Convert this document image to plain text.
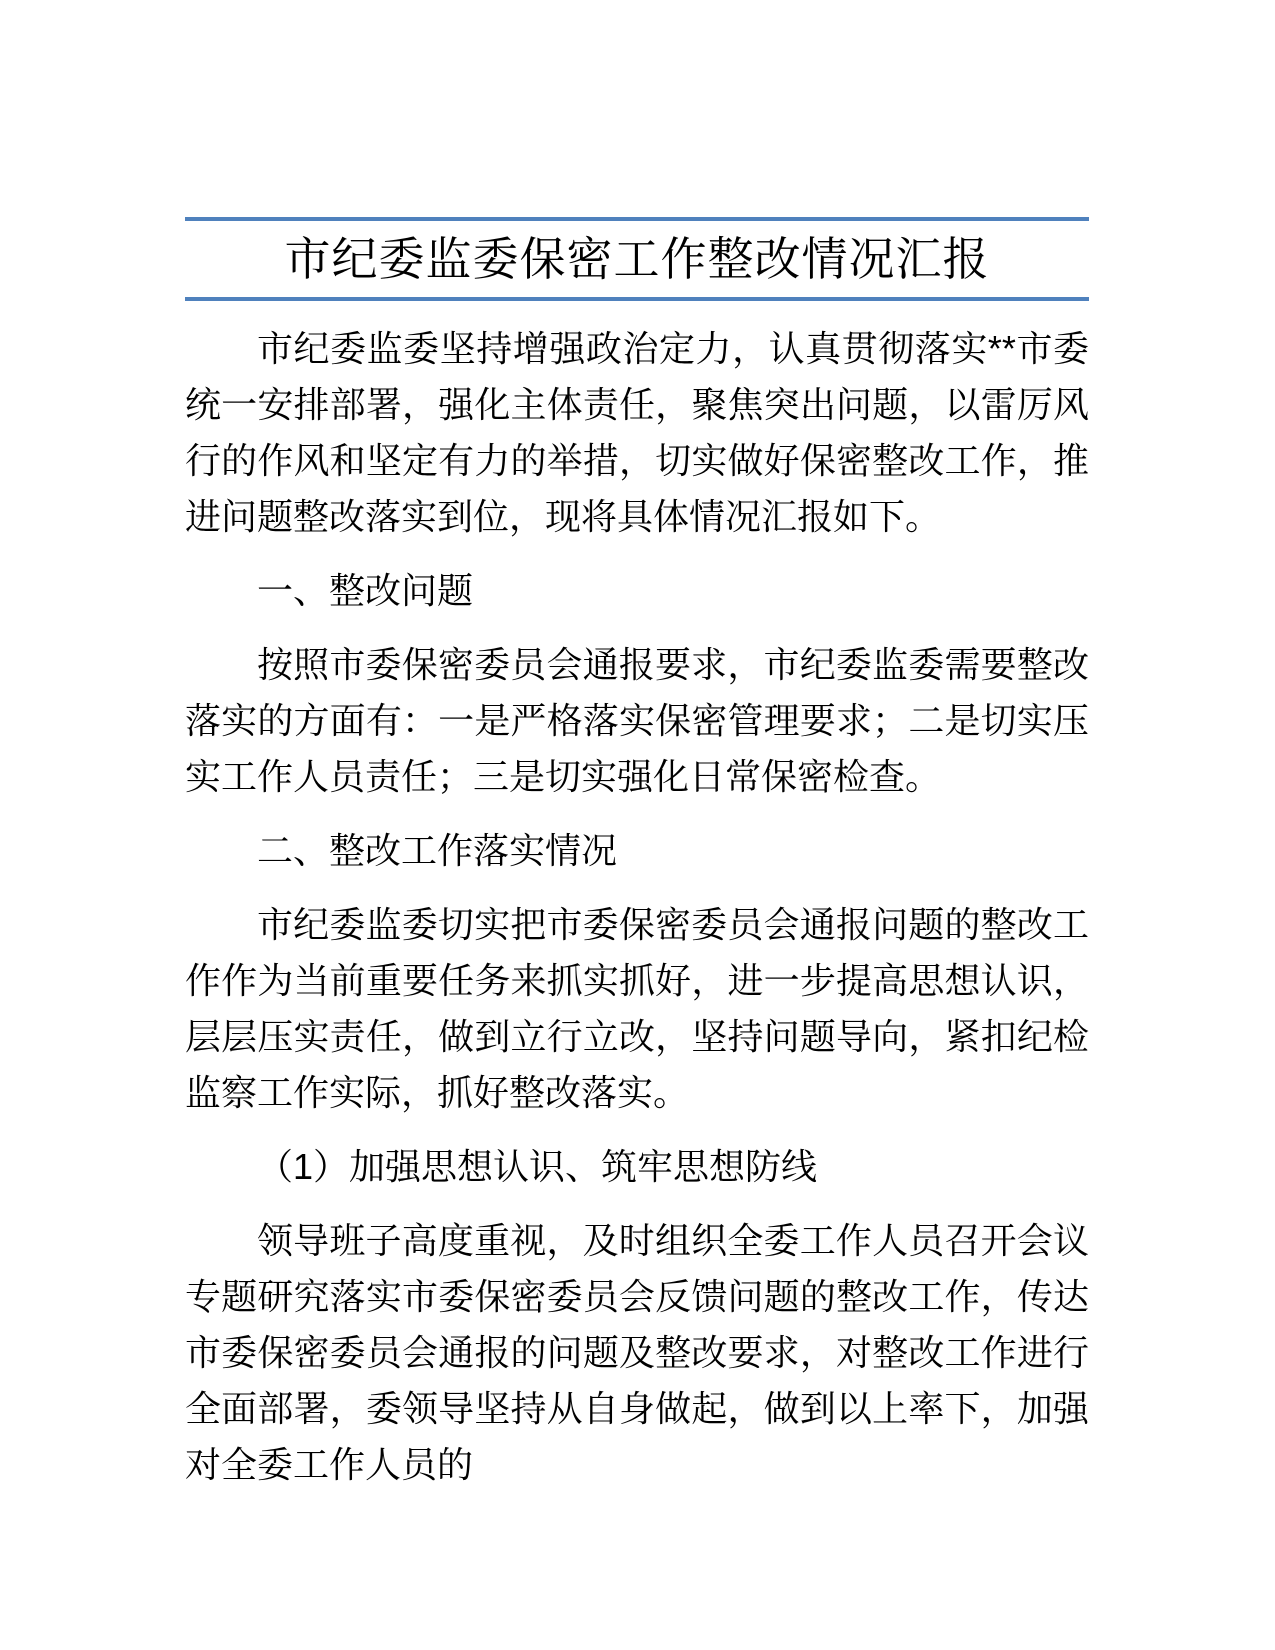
市纪委监委保密工作整改情况汇报

市纪委监委坚持增强政治定力，认真贯彻落实**市委统一安排部署，强化主体责任，聚焦突出问题，以雷厉风行的作风和坚定有力的举措，切实做好保密整改工作，推进问题整改落实到位，现将具体情况汇报如下。

一、整改问题

按照市委保密委员会通报要求，市纪委监委需要整改落实的方面有：一是严格落实保密管理要求；二是切实压实工作人员责任；三是切实强化日常保密检查。

二、整改工作落实情况

市纪委监委切实把市委保密委员会通报问题的整改工作作为当前重要任务来抓实抓好，进一步提高思想认识，层层压实责任，做到立行立改，坚持问题导向，紧扣纪检监察工作实际，抓好整改落实。

（1）加强思想认识、筑牢思想防线

领导班子高度重视，及时组织全委工作人员召开会议专题研究落实市委保密委员会反馈问题的整改工作，传达市委保密委员会通报的问题及整改要求，对整改工作进行全面部署，委领导坚持从自身做起，做到以上率下，加强对全委工作人员的
